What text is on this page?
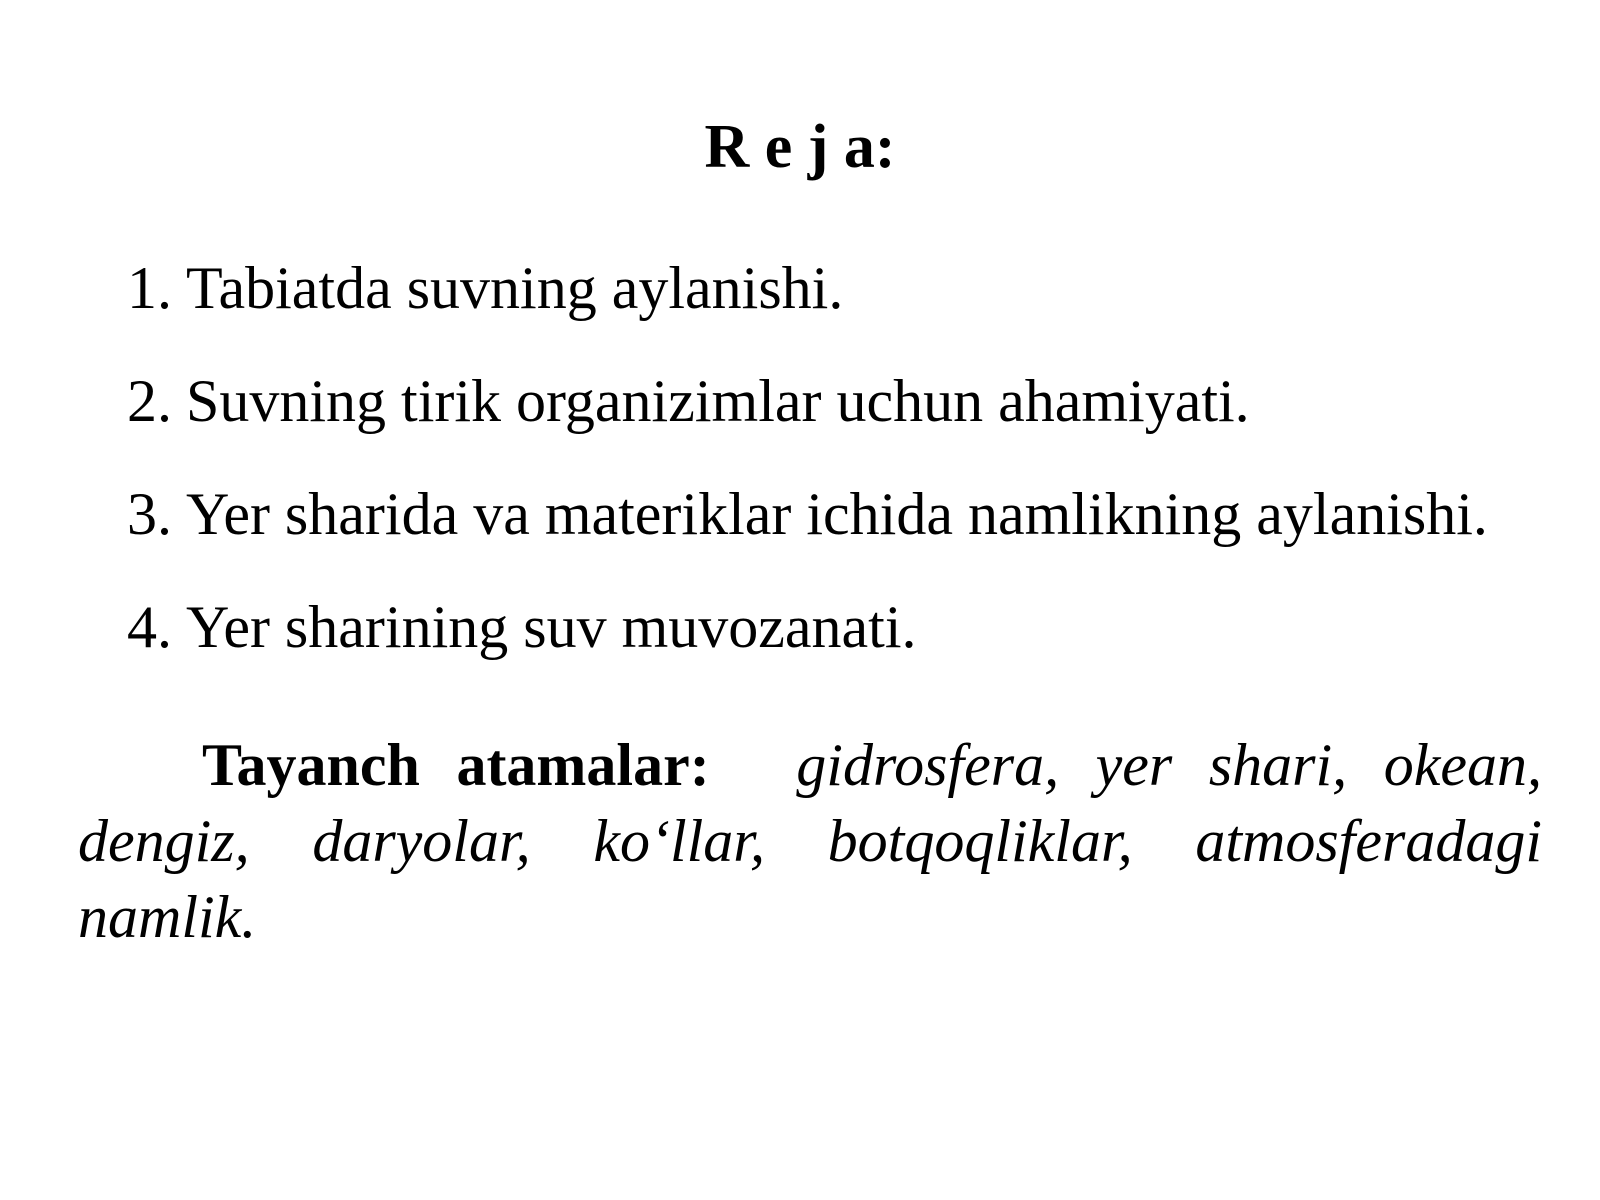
R e j a:
1. Tabiatda suvning aylanishi.
2. Suvning tirik organizimlar uchun ahamiyati.
3. Yer sharida va materiklar ichida namlikning aylanishi.
4. Yer sharining suv muvozanati.

Tayanch atamalar: gidrosfera, yer shari, okean, dengiz, daryolar, ko‘llar, botqoqliklar, atmosferadagi namlik.
